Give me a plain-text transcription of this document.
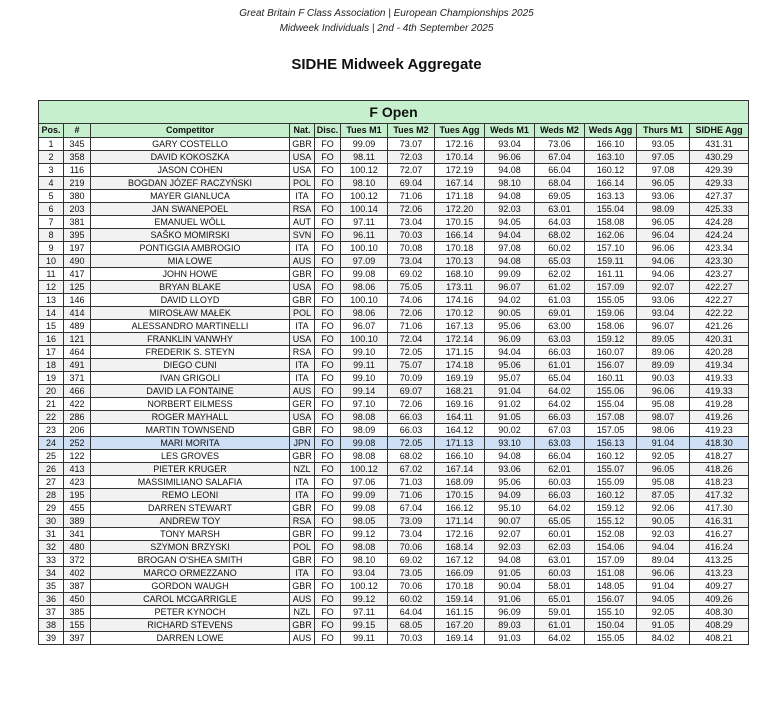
Great Britain F Class Association | European Championships 2025
Midweek Individuals | 2nd - 4th September 2025
SIDHE Midweek Aggregate
F Open												
Pos.	#	Competitor	Nat.	Disc.	Tues M1	Tues M2	Tues Agg	Weds M1	Weds M2	Weds Agg	Thurs M1	SIDHE Agg
1	345	GARY COSTELLO	GBR	FO	99.09	73.07	172.16	93.04	73.06	166.10	93.05	431.31
2	358	DAVID KOKOSZKA	USA	FO	98.11	72.03	170.14	96.06	67.04	163.10	97.05	430.29
3	116	JASON COHEN	USA	FO	100.12	72.07	172.19	94.08	66.04	160.12	97.08	429.39
4	219	BOGDAN JÓZEF RACZYŃSKI	POL	FO	98.10	69.04	167.14	98.10	68.04	166.14	96.05	429.33
5	380	MAYER GIANLUCA	ITA	FO	100.12	71.06	171.18	94.08	69.05	163.13	93.06	427.37
6	203	JAN SWANEPOEL	RSA	FO	100.14	72.06	172.20	92.03	63.01	155.04	98.09	425.33
7	381	EMANUEL WÖLL	AUT	FO	97.11	73.04	170.15	94.05	64.03	158.08	96.05	424.28
8	395	SAŠKO MOMIRSKI	SVN	FO	96.11	70.03	166.14	94.04	68.02	162.06	96.04	424.24
9	197	PONTIGGIA AMBROGIO	ITA	FO	100.10	70.08	170.18	97.08	60.02	157.10	96.06	423.34
10	490	MIA LOWE	AUS	FO	97.09	73.04	170.13	94.08	65.03	159.11	94.06	423.30
11	417	JOHN HOWE	GBR	FO	99.08	69.02	168.10	99.09	62.02	161.11	94.06	423.27
12	125	BRYAN BLAKE	USA	FO	98.06	75.05	173.11	96.07	61.02	157.09	92.07	422.27
13	146	DAVID LLOYD	GBR	FO	100.10	74.06	174.16	94.02	61.03	155.05	93.06	422.27
14	414	MIROSŁAW MAŁEK	POL	FO	98.06	72.06	170.12	90.05	69.01	159.06	93.04	422.22
15	489	ALESSANDRO MARTINELLI	ITA	FO	96.07	71.06	167.13	95.06	63.00	158.06	96.07	421.26
16	121	FRANKLIN VANWHY	USA	FO	100.10	72.04	172.14	96.09	63.03	159.12	89.05	420.31
17	464	FREDERIK S. STEYN	RSA	FO	99.10	72.05	171.15	94.04	66.03	160.07	89.06	420.28
18	491	DIEGO CUNI	ITA	FO	99.11	75.07	174.18	95.06	61.01	156.07	89.09	419.34
19	371	IVAN GRIGOLI	ITA	FO	99.10	70.09	169.19	95.07	65.04	160.11	90.03	419.33
20	466	DAVID LA FONTAINE	AUS	FO	99.14	69.07	168.21	91.04	64.02	155.06	96.06	419.33
21	422	NORBERT EILMESS	GER	FO	97.10	72.06	169.16	91.02	64.02	155.04	95.08	419.28
22	286	ROGER MAYHALL	USA	FO	98.08	66.03	164.11	91.05	66.03	157.08	98.07	419.26
23	206	MARTIN TOWNSEND	GBR	FO	98.09	66.03	164.12	90.02	67.03	157.05	98.06	419.23
24	252	MARI MORITA	JPN	FO	99.08	72.05	171.13	93.10	63.03	156.13	91.04	418.30
25	122	LES GROVES	GBR	FO	98.08	68.02	166.10	94.08	66.04	160.12	92.05	418.27
26	413	PIETER KRUGER	NZL	FO	100.12	67.02	167.14	93.06	62.01	155.07	96.05	418.26
27	423	MASSIMILIANO SALAFIA	ITA	FO	97.06	71.03	168.09	95.06	60.03	155.09	95.08	418.23
28	195	REMO LEONI	ITA	FO	99.09	71.06	170.15	94.09	66.03	160.12	87.05	417.32
29	455	DARREN STEWART	GBR	FO	99.08	67.04	166.12	95.10	64.02	159.12	92.06	417.30
30	389	ANDREW TOY	RSA	FO	98.05	73.09	171.14	90.07	65.05	155.12	90.05	416.31
31	341	TONY MARSH	GBR	FO	99.12	73.04	172.16	92.07	60.01	152.08	92.03	416.27
32	480	SZYMON BRZYSKI	POL	FO	98.08	70.06	168.14	92.03	62.03	154.06	94.04	416.24
33	372	BROGAN O'SHEA SMITH	GBR	FO	98.10	69.02	167.12	94.08	63.01	157.09	89.04	413.25
34	402	MARCO ORMEZZANO	ITA	FO	93.04	73.05	166.09	91.05	60.03	151.08	96.06	413.23
35	387	GORDON WAUGH	GBR	FO	100.12	70.06	170.18	90.04	58.01	148.05	91.04	409.27
36	450	CAROL MCGARRIGLE	AUS	FO	99.12	60.02	159.14	91.06	65.01	156.07	94.05	409.26
37	385	PETER KYNOCH	NZL	FO	97.11	64.04	161.15	96.09	59.01	155.10	92.05	408.30
38	155	RICHARD STEVENS	GBR	FO	99.15	68.05	167.20	89.03	61.01	150.04	91.05	408.29
39	397	DARREN LOWE	AUS	FO	99.11	70.03	169.14	91.03	64.02	155.05	84.02	408.21
